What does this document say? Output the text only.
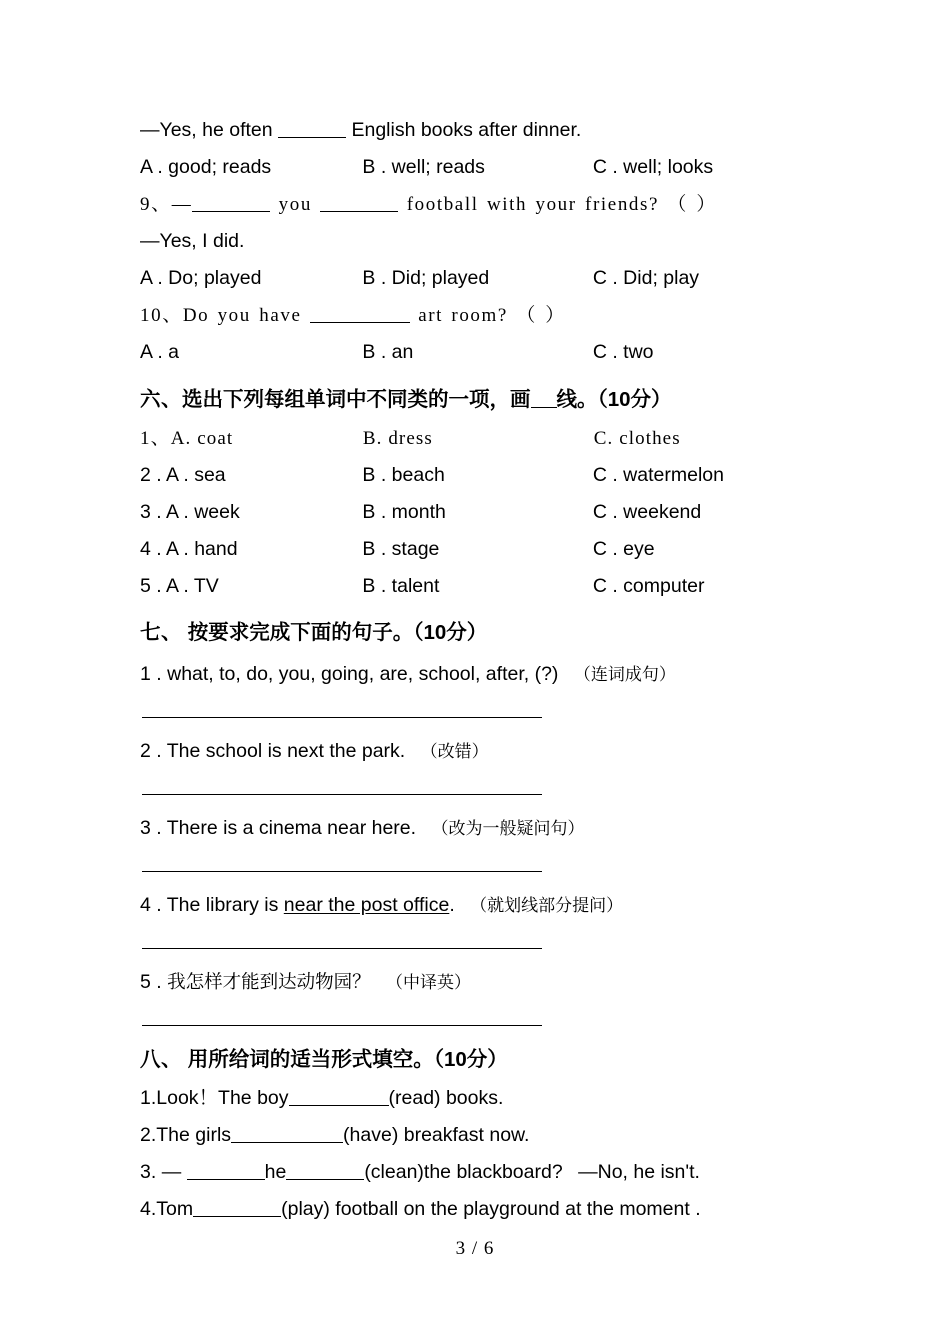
—Yes, he often	English books after dinner.
A . good; reads	B . well; reads	C . well; looks
9、—	you	football with your friends? （ ）
—Yes, I did.
A . Do; played	B . Did; played	C . Did; play
10、Do you have	art room? （ ）
A . a	B . an	C . two
六、选出下列每组单词中不同类的一项，画 线。（10分）
1、A. coat	B. dress	C. clothes
2 . A . sea	B . beach	C . watermelon
3 . A . week	B . month	C . weekend
4 . A . hand	B . stage	C . eye
5 . A . TV	B . talent	C . computer
七、 按要求完成下面的句子。（10分）
1 . what, to, do, you, going, are, school, after, (?) （连词成句）
2 . The school is next the park. （改错）
3 . There is a cinema near here. （改为一般疑问句）
4 . The library is near the post office. （就划线部分提问）
5 . 我怎样才能到达动物园？ （中译英）
八、 用所给词的适当形式填空。（10分）
1.Look！The boy	(read) books.
2.The girls	(have) breakfast now.
3. —	he	(clean)the blackboard? —No, he isn't.
4.Tom	(play) football on the playground at the moment .
3 / 6
